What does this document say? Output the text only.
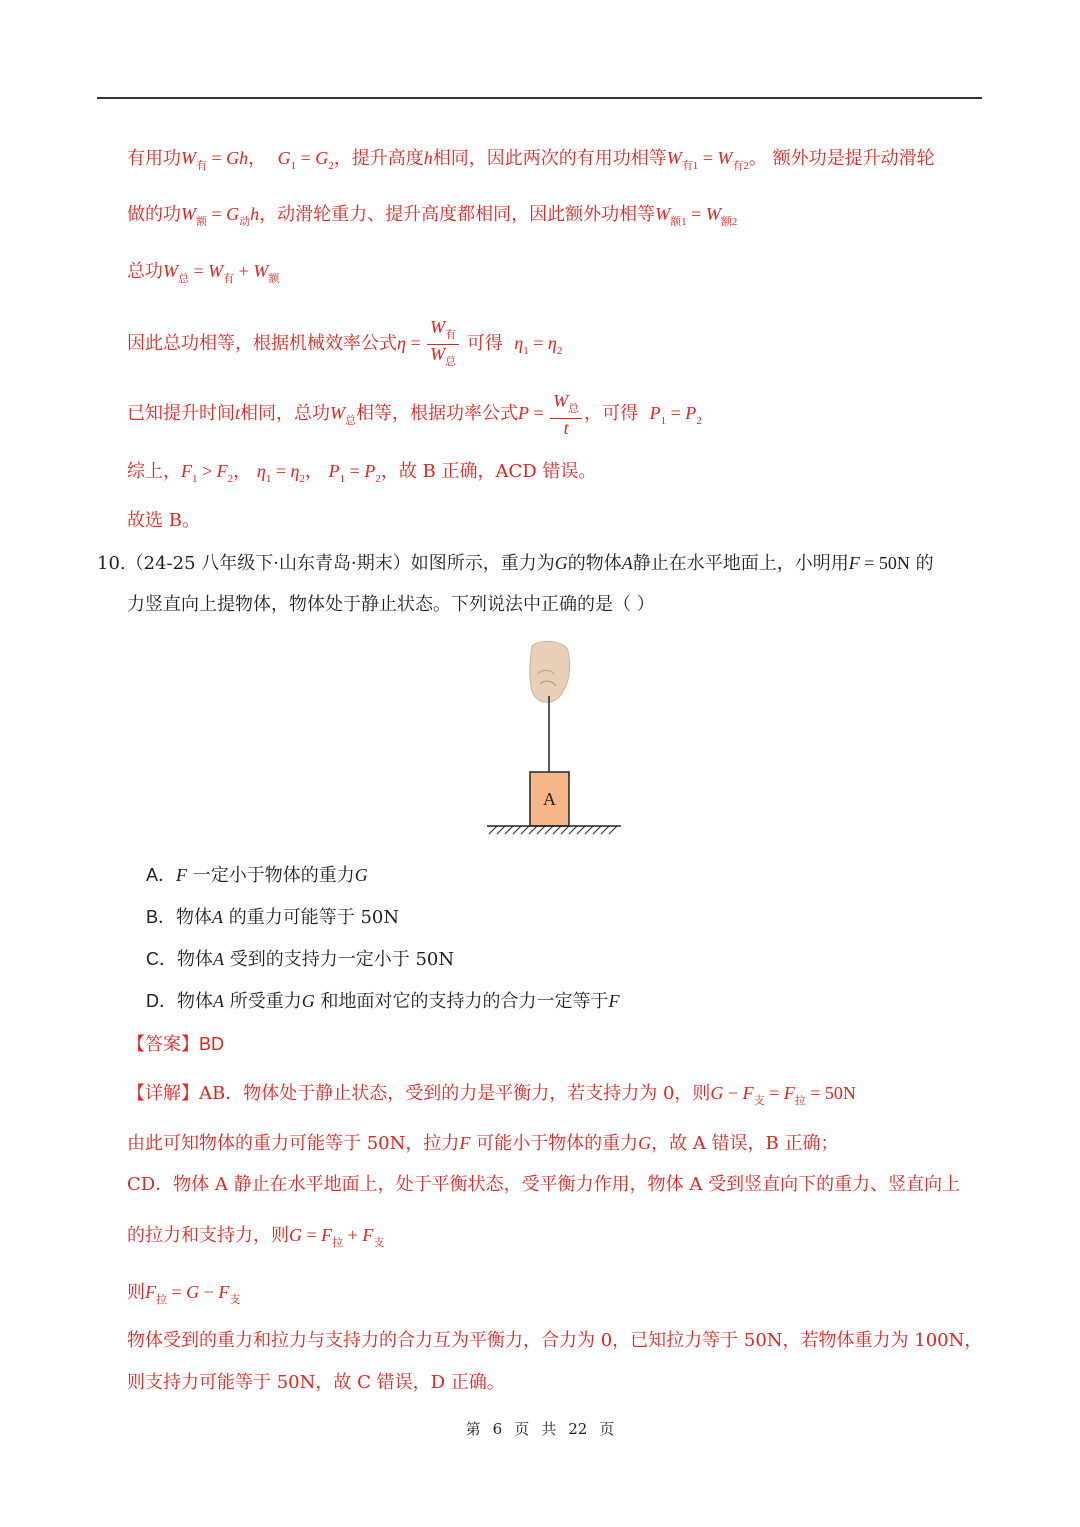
有用功$W_有 = Gh$， $G_1 = G_2$，提升高度h相同，因此两次的有用功相等$W_{有1} = W_{有2}$。 额外功是提升动滑轮
做的功$W_额 = G_动h$，动滑轮重力、提升高度都相同，因此额外功相等$W_{额1} = W_{额2}$
总功$W_总 = W_有 + W_额$
因此总功相等，根据机械效率公式$\eta = \frac{W_有}{W_总}$ 可得 $\eta_1 = \eta_2$
已知提升时间t相同，总功$W_总$相等，根据功率公式$P = \frac{W_总}{t}$ ，可得 $P_1 = P_2$
综上，$F_1 > F_2$， $\eta_1 = \eta_2$， $P_1 = P_2$，故 B 正确，ACD 错误。
故选 B。
10.（24-25 八年级下·山东青岛·期末）如图所示，重力为G的物体A静止在水平地面上，小明用F = 50N 的
力竖直向上提物体，物体处于静止状态。下列说法中正确的是（ ）
A
A．F 一定小于物体的重力G
B．物体A 的重力可能等于 50N
C．物体A 受到的支持力一定小于 50N
D．物体A 所受重力G 和地面对它的支持力的合力一定等于F
【答案】BD
【详解】AB．物体处于静止状态，受到的力是平衡力，若支持力为 0，则$G - F_支 = F_拉 = 50N$
由此可知物体的重力可能等于 50N，拉力F 可能小于物体的重力G，故 A 错误，B 正确；
CD．物体 A 静止在水平地面上，处于平衡状态，受平衡力作用，物体 A 受到竖直向下的重力、竖直向上
的拉力和支持力，则$G = F_拉 + F_支$
则$F_拉 = G - F_支$
物体受到的重力和拉力与支持力的合力互为平衡力，合力为 0，已知拉力等于 50N，若物体重力为 100N，
则支持力可能等于 50N，故 C 错误，D 正确。
第 6 页 共 22 页
